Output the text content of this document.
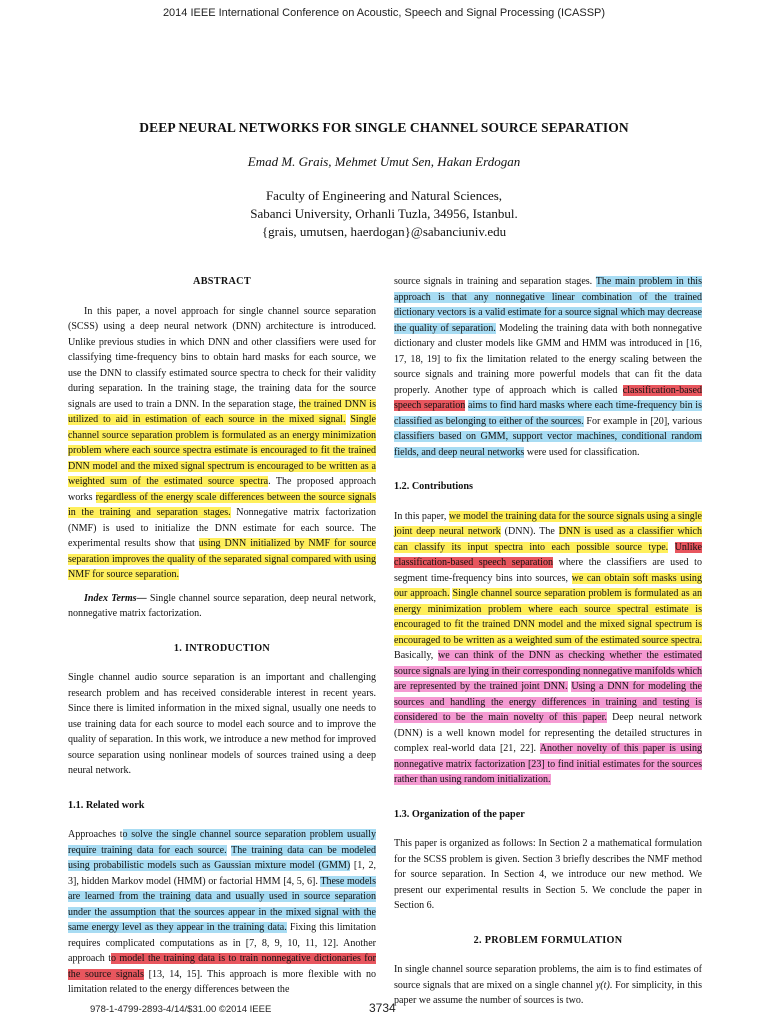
2014 IEEE International Conference on Acoustic, Speech and Signal Processing (ICASSP)
DEEP NEURAL NETWORKS FOR SINGLE CHANNEL SOURCE SEPARATION
Emad M. Grais, Mehmet Umut Sen, Hakan Erdogan
Faculty of Engineering and Natural Sciences,
Sabanci University, Orhanli Tuzla, 34956, Istanbul.
{grais, umutsen, haerdogan}@sabanciuniv.edu
ABSTRACT

In this paper, a novel approach for single channel source separation (SCSS) using a deep neural network (DNN) architecture is introduced. Unlike previous studies in which DNN and other classifiers were used for classifying time-frequency bins to obtain hard masks for each source, we use the DNN to classify estimated source spectra to check for their validity during separation. In the training stage, the training data for the source signals are used to train a DNN. In the separation stage, the trained DNN is utilized to aid in estimation of each source in the mixed signal. Single channel source separation problem is formulated as an energy minimization problem where each source spectra estimate is encouraged to fit the trained DNN model and the mixed signal spectrum is encouraged to be written as a weighted sum of the estimated source spectra. The proposed approach works regardless of the energy scale differences between the source signals in the training and separation stages. Nonnegative matrix factorization (NMF) is used to initialize the DNN estimate for each source. The experimental results show that using DNN initialized by NMF for source separation improves the quality of the separated signal compared with using NMF for source separation.

Index Terms— Single channel source separation, deep neural network, nonnegative matrix factorization.

1. INTRODUCTION

Single channel audio source separation is an important and challenging research problem and has received considerable interest in recent years. Since there is limited information in the mixed signal, usually one needs to use training data for each source to model each source and to improve the quality of separation. In this work, we introduce a new method for improved source separation using nonlinear models of sources trained using a deep neural network.

1.1. Related work

Approaches to solve the single channel source separation problem usually require training data for each source. The training data can be modeled using probabilistic models such as Gaussian mixture model (GMM) [1, 2, 3], hidden Markov model (HMM) or factorial HMM [4, 5, 6]. These models are learned from the training data and usually used in source separation under the assumption that the sources appear in the mixed signal with the same energy level as they appear in the training data. Fixing this limitation requires complicated computations as in [7, 8, 9, 10, 11, 12]. Another approach to model the training data is to train nonnegative dictionaries for the source signals [13, 14, 15]. This approach is more flexible with no limitation related to the energy differences between the

source signals in training and separation stages. The main problem in this approach is that any nonnegative linear combination of the trained dictionary vectors is a valid estimate for a source signal which may decrease the quality of separation. Modeling the training data with both nonnegative dictionary and cluster models like GMM and HMM was introduced in [16, 17, 18, 19] to fix the limitation related to the energy scaling between the source signals and training more powerful models that can fit the data properly. Another type of approach which is called classification-based speech separation aims to find hard masks where each time-frequency bin is classified as belonging to either of the sources. For example in [20], various classifiers based on GMM, support vector machines, conditional random fields, and deep neural networks were used for classification.

1.2. Contributions

In this paper, we model the training data for the source signals using a single joint deep neural network (DNN). The DNN is used as a classifier which can classify its input spectra into each possible source type. Unlike classification-based speech separation where the classifiers are used to segment time-frequency bins into sources, we can obtain soft masks using our approach. Single channel source separation problem is formulated as an energy minimization problem where each source spectral estimate is encouraged to fit the trained DNN model and the mixed signal spectrum is encouraged to be written as a weighted sum of the estimated source spectra. Basically, we can think of the DNN as checking whether the estimated source signals are lying in their corresponding nonnegative manifolds which are represented by the trained joint DNN. Using a DNN for modeling the sources and handling the energy differences in training and testing is considered to be the main novelty of this paper. Deep neural network (DNN) is a well known model for representing the detailed structures in complex real-world data [21, 22]. Another novelty of this paper is using nonnegative matrix factorization [23] to find initial estimates for the sources rather than using random initialization.

1.3. Organization of the paper

This paper is organized as follows: In Section 2 a mathematical formulation for the SCSS problem is given. Section 3 briefly describes the NMF method for source separation. In Section 4, we introduce our new method. We present our experimental results in Section 5. We conclude the paper in Section 6.

2. PROBLEM FORMULATION

In single channel source separation problems, the aim is to find estimates of source signals that are mixed on a single channel y(t). For simplicity, in this paper we assume the number of sources is two.

978-1-4799-2893-4/14/$31.00 ©2014 IEEE	3734
